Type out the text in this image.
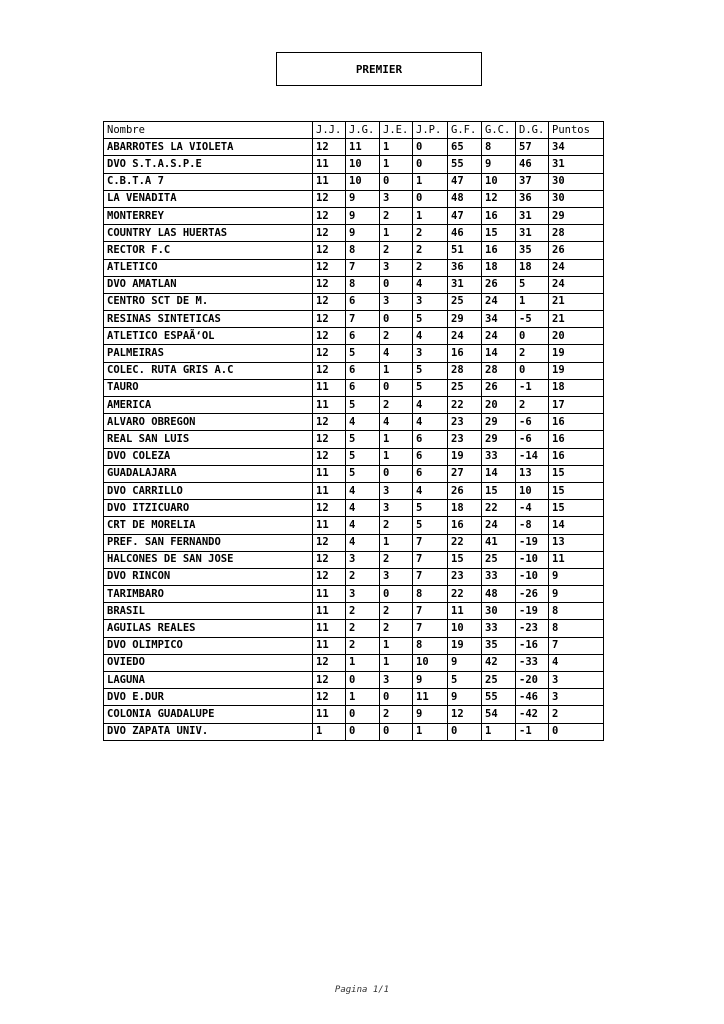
PREMIER
Nombre	J.J.	J.G.	J.E.	J.P.	G.F.	G.C.	D.G.	Puntos
ABARROTES LA VIOLETA	12	11	1	0	65	8	57	34
DVO S.T.A.S.P.E	11	10	1	0	55	9	46	31
C.B.T.A 7	11	10	0	1	47	10	37	30
LA VENADITA	12	9	3	0	48	12	36	30
MONTERREY	12	9	2	1	47	16	31	29
COUNTRY LAS HUERTAS	12	9	1	2	46	15	31	28
RECTOR F.C	12	8	2	2	51	16	35	26
ATLETICO	12	7	3	2	36	18	18	24
DVO AMATLAN	12	8	0	4	31	26	5	24
CENTRO SCT DE M.	12	6	3	3	25	24	1	21
RESINAS SINTETICAS	12	7	0	5	29	34	-5	21
ATLETICO ESPAÃ‘OL	12	6	2	4	24	24	0	20
PALMEIRAS	12	5	4	3	16	14	2	19
COLEC. RUTA GRIS A.C	12	6	1	5	28	28	0	19
TAURO	11	6	0	5	25	26	-1	18
AMERICA	11	5	2	4	22	20	2	17
ALVARO OBREGON	12	4	4	4	23	29	-6	16
REAL SAN LUIS	12	5	1	6	23	29	-6	16
DVO COLEZA	12	5	1	6	19	33	-14	16
GUADALAJARA	11	5	0	6	27	14	13	15
DVO CARRILLO	11	4	3	4	26	15	10	15
DVO ITZICUARO	12	4	3	5	18	22	-4	15
CRT DE MORELIA	11	4	2	5	16	24	-8	14
PREF. SAN FERNANDO	12	4	1	7	22	41	-19	13
HALCONES DE SAN JOSE	12	3	2	7	15	25	-10	11
DVO RINCON	12	2	3	7	23	33	-10	9
TARIMBARO	11	3	0	8	22	48	-26	9
BRASIL	11	2	2	7	11	30	-19	8
AGUILAS REALES	11	2	2	7	10	33	-23	8
DVO OLIMPICO	11	2	1	8	19	35	-16	7
OVIEDO	12	1	1	10	9	42	-33	4
LAGUNA	12	0	3	9	5	25	-20	3
DVO E.DUR	12	1	0	11	9	55	-46	3
COLONIA GUADALUPE	11	0	2	9	12	54	-42	2
DVO ZAPATA UNIV.	1	0	0	1	0	1	-1	0
Pagina 1/1
